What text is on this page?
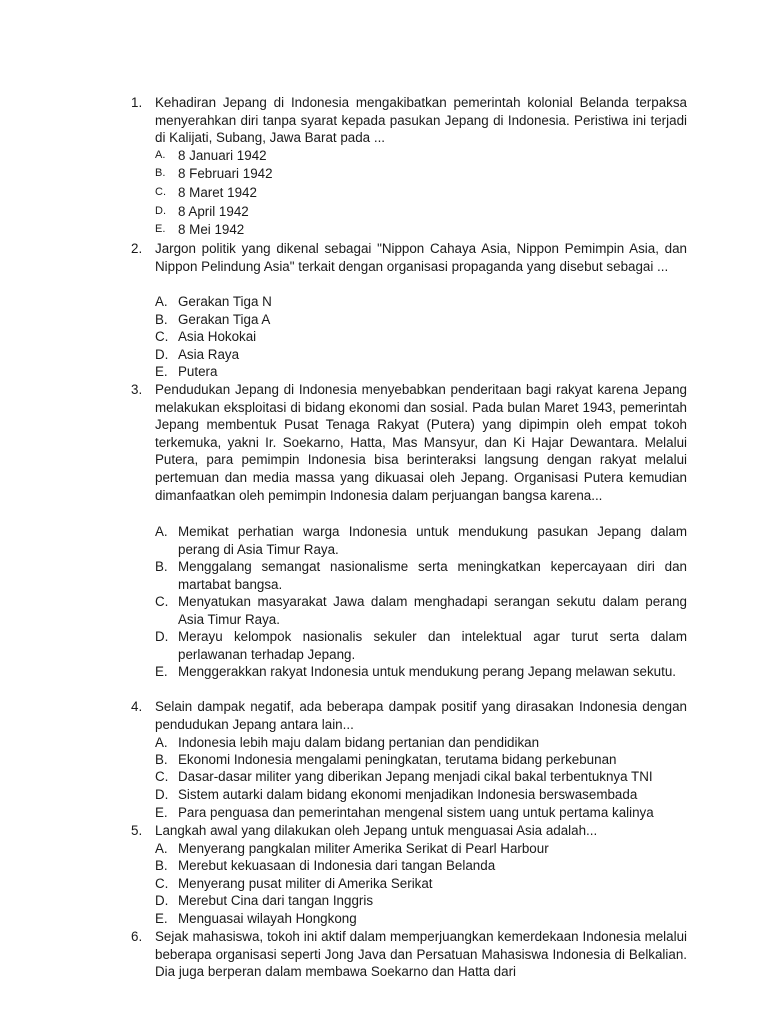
1. Kehadiran Jepang di Indonesia mengakibatkan pemerintah kolonial Belanda terpaksa menyerahkan diri tanpa syarat kepada pasukan Jepang di Indonesia. Peristiwa ini terjadi di Kalijati, Subang, Jawa Barat pada ...
A. 8 Januari 1942
B. 8 Februari 1942
C. 8 Maret 1942
D. 8 April 1942
E. 8 Mei 1942
2. Jargon politik yang dikenal sebagai "Nippon Cahaya Asia, Nippon Pemimpin Asia, dan Nippon Pelindung Asia" terkait dengan organisasi propaganda yang disebut sebagai ...
A. Gerakan Tiga N
B. Gerakan Tiga A
C. Asia Hokokai
D. Asia Raya
E. Putera
3. Pendudukan Jepang di Indonesia menyebabkan penderitaan bagi rakyat karena Jepang melakukan eksploitasi di bidang ekonomi dan sosial. Pada bulan Maret 1943, pemerintah Jepang membentuk Pusat Tenaga Rakyat (Putera) yang dipimpin oleh empat tokoh terkemuka, yakni Ir. Soekarno, Hatta, Mas Mansyur, dan Ki Hajar Dewantara. Melalui Putera, para pemimpin Indonesia bisa berinteraksi langsung dengan rakyat melalui pertemuan dan media massa yang dikuasai oleh Jepang. Organisasi Putera kemudian dimanfaatkan oleh pemimpin Indonesia dalam perjuangan bangsa karena...
A. Memikat perhatian warga Indonesia untuk mendukung pasukan Jepang dalam perang di Asia Timur Raya.
B. Menggalang semangat nasionalisme serta meningkatkan kepercayaan diri dan martabat bangsa.
C. Menyatukan masyarakat Jawa dalam menghadapi serangan sekutu dalam perang Asia Timur Raya.
D. Merayu kelompok nasionalis sekuler dan intelektual agar turut serta dalam perlawanan terhadap Jepang.
E. Menggerakkan rakyat Indonesia untuk mendukung perang Jepang melawan sekutu.
4. Selain dampak negatif, ada beberapa dampak positif yang dirasakan Indonesia dengan pendudukan Jepang antara lain...
A. Indonesia lebih maju dalam bidang pertanian dan pendidikan
B. Ekonomi Indonesia mengalami peningkatan, terutama bidang perkebunan
C. Dasar-dasar militer yang diberikan Jepang menjadi cikal bakal terbentuknya TNI
D. Sistem autarki dalam bidang ekonomi menjadikan Indonesia berswasembada
E. Para penguasa dan pemerintahan mengenal sistem uang untuk pertama kalinya
5. Langkah awal yang dilakukan oleh Jepang untuk menguasai Asia adalah...
A. Menyerang pangkalan militer Amerika Serikat di Pearl Harbour
B. Merebut kekuasaan di Indonesia dari tangan Belanda
C. Menyerang pusat militer di Amerika Serikat
D. Merebut Cina dari tangan Inggris
E. Menguasai wilayah Hongkong
6. Sejak mahasiswa, tokoh ini aktif dalam memperjuangkan kemerdekaan Indonesia melalui beberapa organisasi seperti Jong Java dan Persatuan Mahasiswa Indonesia di Belkalian. Dia juga berperan dalam membawa Soekarno dan Hatta dari
